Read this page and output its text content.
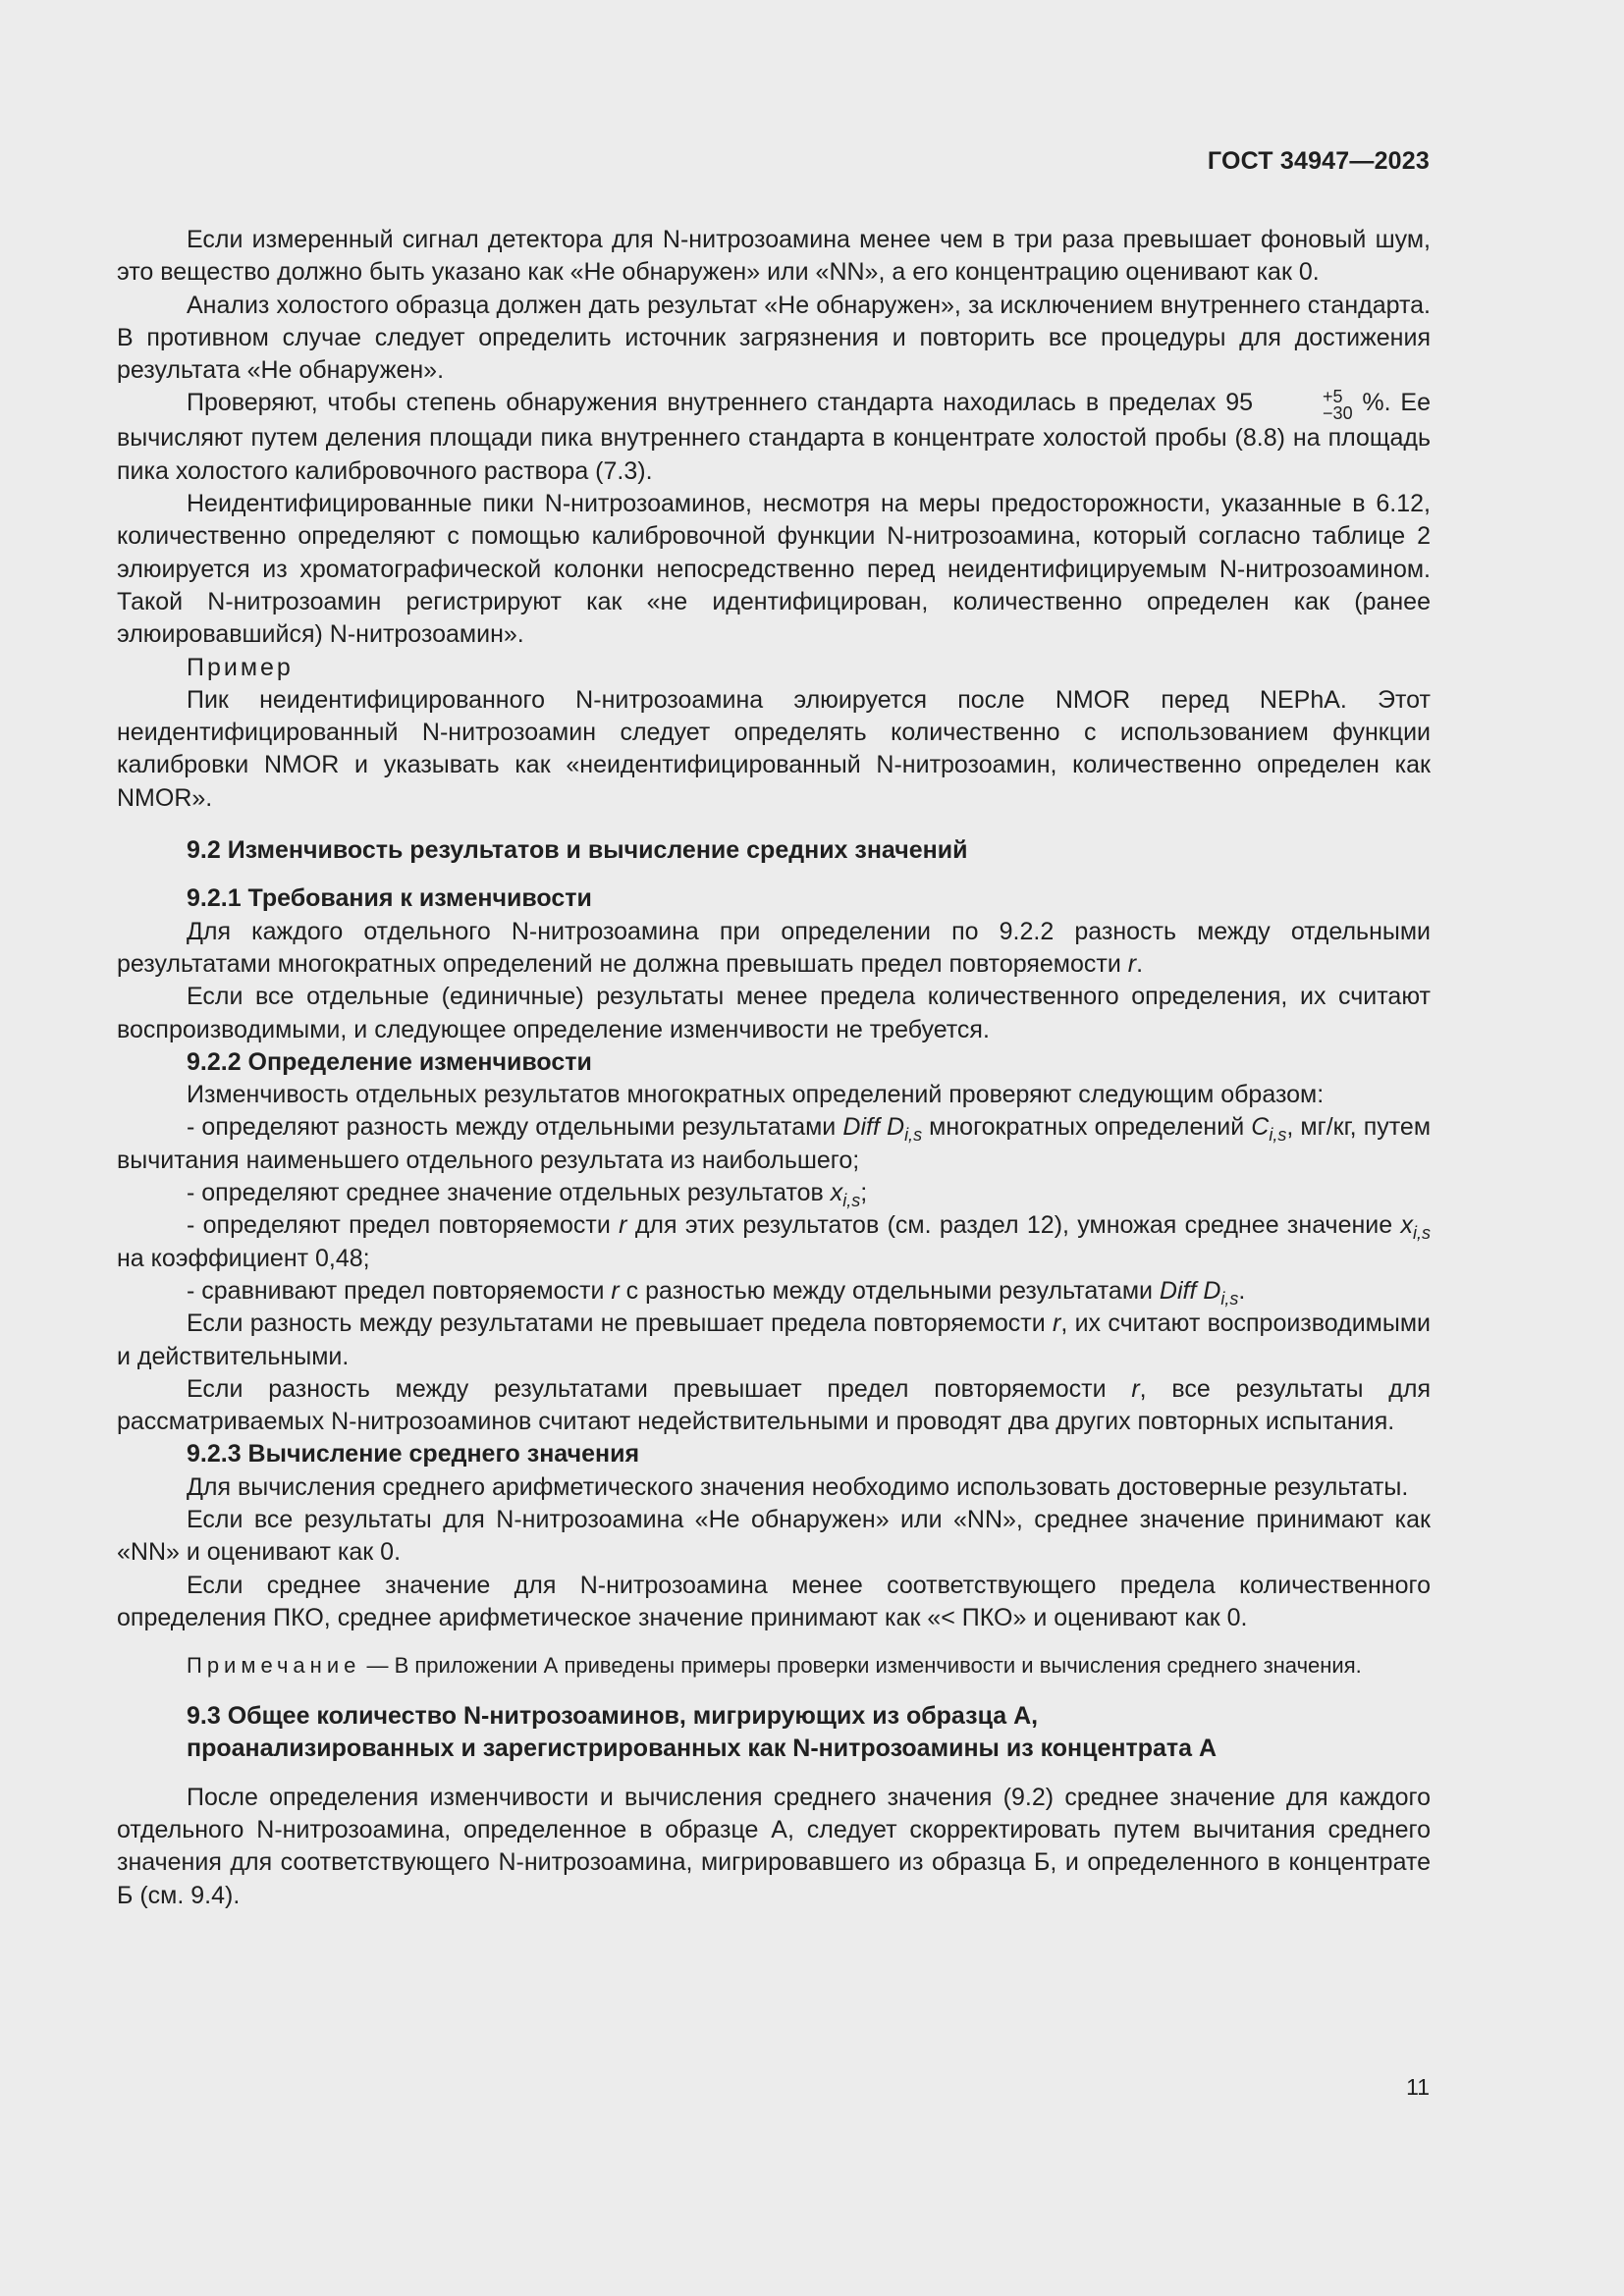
ГОСТ 34947—2023

Если измеренный сигнал детектора для N-нитрозоамина менее чем в три раза превышает фоновый шум, это вещество должно быть указано как «Не обнаружен» или «NN», а его концентрацию оценивают как 0.

Анализ холостого образца должен дать результат «Не обнаружен», за исключением внутреннего стандарта. В противном случае следует определить источник загрязнения и повторить все процедуры для достижения результата «Не обнаружен».

Проверяют, чтобы степень обнаружения внутреннего стандарта находилась в пределах 95	+5
−30 %. Ее вычисляют путем деления площади пика внутреннего стандарта в концентрате холостой пробы (8.8) на площадь пика холостого калибровочного раствора (7.3).

Неидентифицированные пики N-нитрозоаминов, несмотря на меры предосторожности, указанные в 6.12, количественно определяют с помощью калибровочной функции N-нитрозоамина, который согласно таблице 2 элюируется из хроматографической колонки непосредственно перед неидентифицируемым N-нитрозоамином. Такой N-нитрозоамин регистрируют как «не идентифицирован, количественно определен как (ранее элюировавшийся) N-нитрозоамин».

Пример

Пик неидентифицированного N-нитрозоамина элюируется после NMOR перед NEPhA. Этот неидентифицированный N-нитрозоамин следует определять количественно с использованием функции калибровки NMOR и указывать как «неидентифицированный N-нитрозоамин, количественно определен как NMOR».

9.2 Изменчивость результатов и вычисление средних значений

9.2.1 Требования к изменчивости

Для каждого отдельного N-нитрозоамина при определении по 9.2.2 разность между отдельными результатами многократных определений не должна превышать предел повторяемости r.

Если все отдельные (единичные) результаты менее предела количественного определения, их считают воспроизводимыми, и следующее определение изменчивости не требуется.

9.2.2 Определение изменчивости

Изменчивость отдельных результатов многократных определений проверяют следующим образом:

- определяют разность между отдельными результатами Diff $D_{i,s}$ многократных определений $C_{i,s}$, мг/кг, путем вычитания наименьшего отдельного результата из наибольшего;

- определяют среднее значение отдельных результатов $x_{i,s}$;

- определяют предел повторяемости r для этих результатов (см. раздел 12), умножая среднее значение $x_{i,s}$ на коэффициент 0,48;

- сравнивают предел повторяемости r с разностью между отдельными результатами Diff $D_{i,s}$.

Если разность между результатами не превышает предела повторяемости r, их считают воспроизводимыми и действительными.

Если разность между результатами превышает предел повторяемости r, все результаты для рассматриваемых N-нитрозоаминов считают недействительными и проводят два других повторных испытания.

9.2.3 Вычисление среднего значения

Для вычисления среднего арифметического значения необходимо использовать достоверные результаты.

Если все результаты для N-нитрозоамина «Не обнаружен» или «NN», среднее значение принимают как «NN» и оценивают как 0.

Если среднее значение для N-нитрозоамина менее соответствующего предела количественного определения ПКО, среднее арифметическое значение принимают как «< ПКО» и оценивают как 0.

Примечание — В приложении А приведены примеры проверки изменчивости и вычисления среднего значения.

9.3 Общее количество N-нитрозоаминов, мигрирующих из образца А,
проанализированных и зарегистрированных как N-нитрозоамины из концентрата А

После определения изменчивости и вычисления среднего значения (9.2) среднее значение для каждого отдельного N-нитрозоамина, определенное в образце А, следует скорректировать путем вычитания среднего значения для соответствующего N-нитрозоамина, мигрировавшего из образца Б, и определенного в концентрате Б (см. 9.4).

11
